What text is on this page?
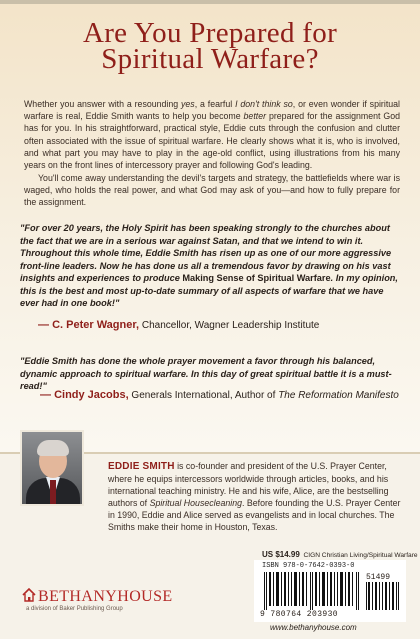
Are You Prepared for
Spiritual Warfare?
Whether you answer with a resounding yes, a fearful I don't think so, or even wonder if spiritual warfare is real, Eddie Smith wants to help you become better prepared for the assignment God has for you. In his straightforward, practical style, Eddie cuts through the confusion and clutter often associated with the issue of spiritual warfare. He clearly shows what it is, who is involved, and what part you may have to play in the age-old conflict, using illustrations from his many years on the front lines of intercessory prayer and following God's leading.
You'll come away understanding the devil's targets and strategy, the battlefields where war is waged, who holds the real power, and what God may ask of you—and how to fully prepare for the assignment.
"For over 20 years, the Holy Spirit has been speaking strongly to the churches about the fact that we are in a serious war against Satan, and that we intend to win it. Throughout this whole time, Eddie Smith has risen up as one of our more aggressive front-line leaders. Now he has done us all a tremendous favor by drawing on his vast insights and experiences to produce Making Sense of Spiritual Warfare. In my opinion, this is the best and most up-to-date summary of all aspects of warfare that we have ever had in one book!"
— C. Peter Wagner, Chancellor, Wagner Leadership Institute
"Eddie Smith has done the whole prayer movement a favor through his balanced, dynamic approach to spiritual warfare. In this day of great spiritual battle it is a must-read!"
— Cindy Jacobs, Generals International, Author of The Reformation Manifesto
EDDIE SMITH is co-founder and president of the U.S. Prayer Center, where he equips intercessors worldwide through articles, books, and his international teaching ministry. He and his wife, Alice, are the bestselling authors of Spiritual Housecleaning. Before founding the U.S. Prayer Center in 1990, Eddie and Alice served as evangelists and in local churches. The Smiths make their home in Houston, Texas.
US $14.99 CIGN Christian Living/Spiritual Warfare
ISBN 978-0-7642-0393-0
51499
9 780764 203930
www.bethanyhouse.com
BETHANYHOUSE
a division of Baker Publishing Group
